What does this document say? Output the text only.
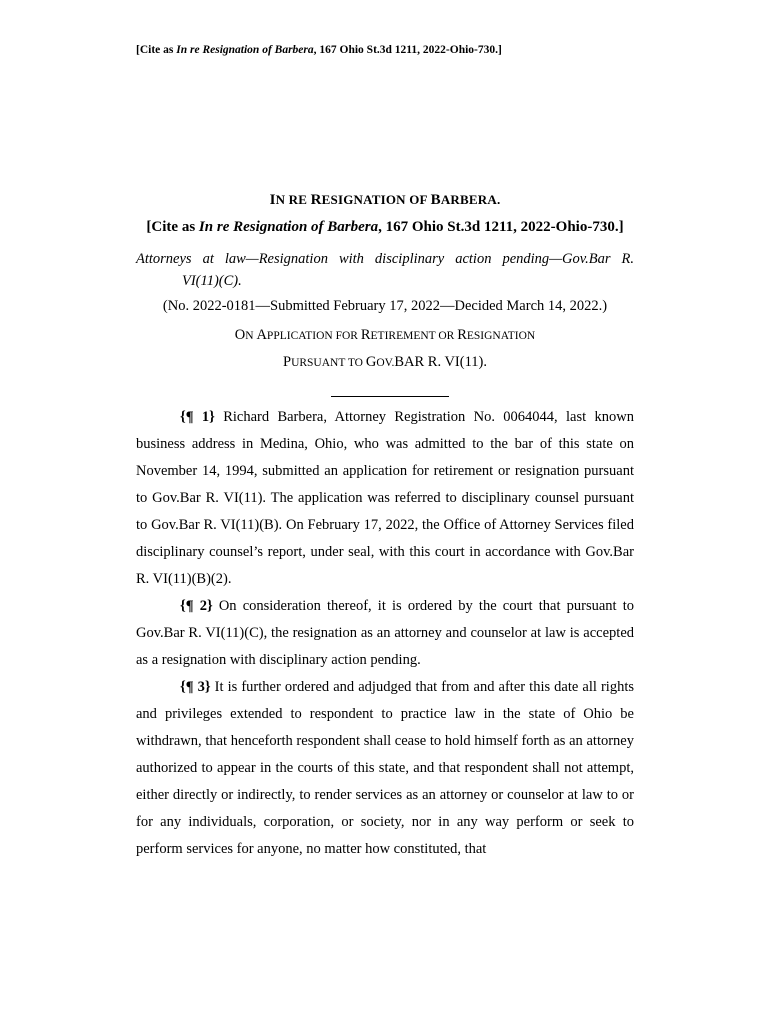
[Cite as In re Resignation of Barbera, 167 Ohio St.3d 1211, 2022-Ohio-730.]
IN RE RESIGNATION OF BARBERA.
[Cite as In re Resignation of Barbera, 167 Ohio St.3d 1211, 2022-Ohio-730.]
Attorneys at law—Resignation with disciplinary action pending—Gov.Bar R.
VI(11)(C).
(No. 2022-0181—Submitted February 17, 2022—Decided March 14, 2022.)
ON APPLICATION FOR RETIREMENT OR RESIGNATION
PURSUANT TO GOV.BAR R. VI(11).
{¶ 1} Richard Barbera, Attorney Registration No. 0064044, last known business address in Medina, Ohio, who was admitted to the bar of this state on November 14, 1994, submitted an application for retirement or resignation pursuant to Gov.Bar R. VI(11). The application was referred to disciplinary counsel pursuant to Gov.Bar R. VI(11)(B). On February 17, 2022, the Office of Attorney Services filed disciplinary counsel’s report, under seal, with this court in accordance with Gov.Bar R. VI(11)(B)(2).
{¶ 2} On consideration thereof, it is ordered by the court that pursuant to Gov.Bar R. VI(11)(C), the resignation as an attorney and counselor at law is accepted as a resignation with disciplinary action pending.
{¶ 3} It is further ordered and adjudged that from and after this date all rights and privileges extended to respondent to practice law in the state of Ohio be withdrawn, that henceforth respondent shall cease to hold himself forth as an attorney authorized to appear in the courts of this state, and that respondent shall not attempt, either directly or indirectly, to render services as an attorney or counselor at law to or for any individuals, corporation, or society, nor in any way perform or seek to perform services for anyone, no matter how constituted, that
